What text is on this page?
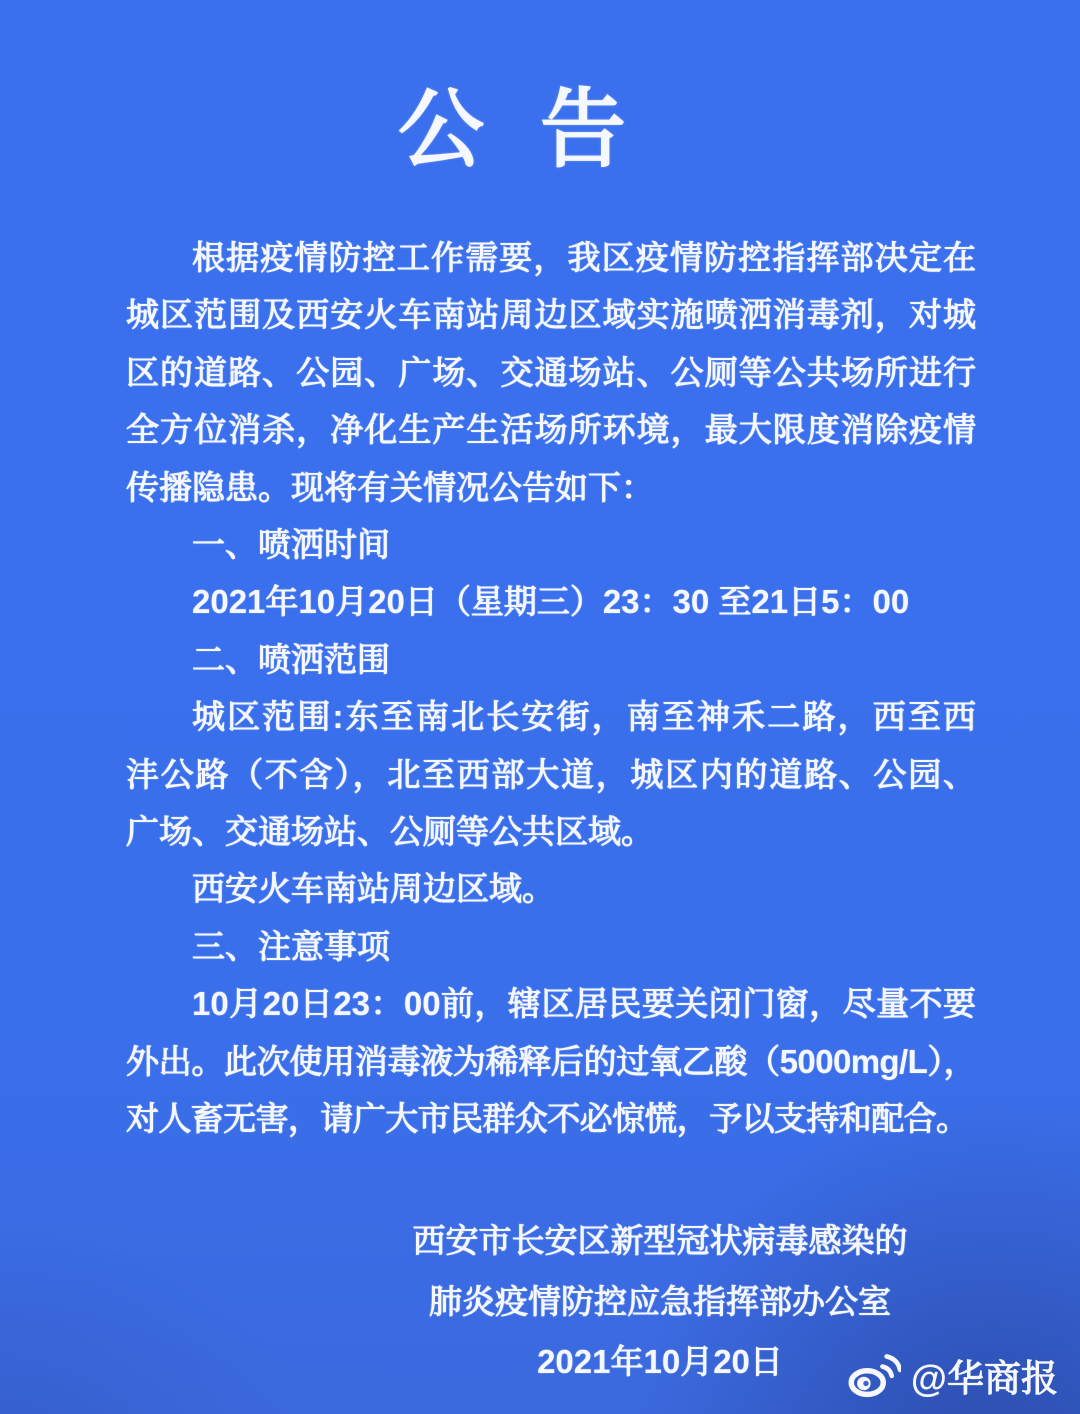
公告
根据疫情防控工作需要，我区疫情防控指挥部决定在
城区范围及西安火车南站周边区域实施喷洒消毒剂，对城
区的道路、公园、广场、交通场站、公厕等公共场所进行
全方位消杀，净化生产生活场所环境，最大限度消除疫情
传播隐患。现将有关情况公告如下：
一、喷洒时间
2021年10月20日（星期三）23：30 至21日5：00
二、喷洒范围
城区范围:东至南北长安街，南至神禾二路，西至西
沣公路（不含），北至西部大道，城区内的道路、公园、
广场、交通场站、公厕等公共区域。
西安火车南站周边区域。
三、注意事项
10月20日23：00前，辖区居民要关闭门窗，尽量不要
外出。此次使用消毒液为稀释后的过氧乙酸（5000mg/L），
对人畜无害，请广大市民群众不必惊慌，予以支持和配合。
西安市长安区新型冠状病毒感染的
肺炎疫情防控应急指挥部办公室
2021年10月20日	@华商报
